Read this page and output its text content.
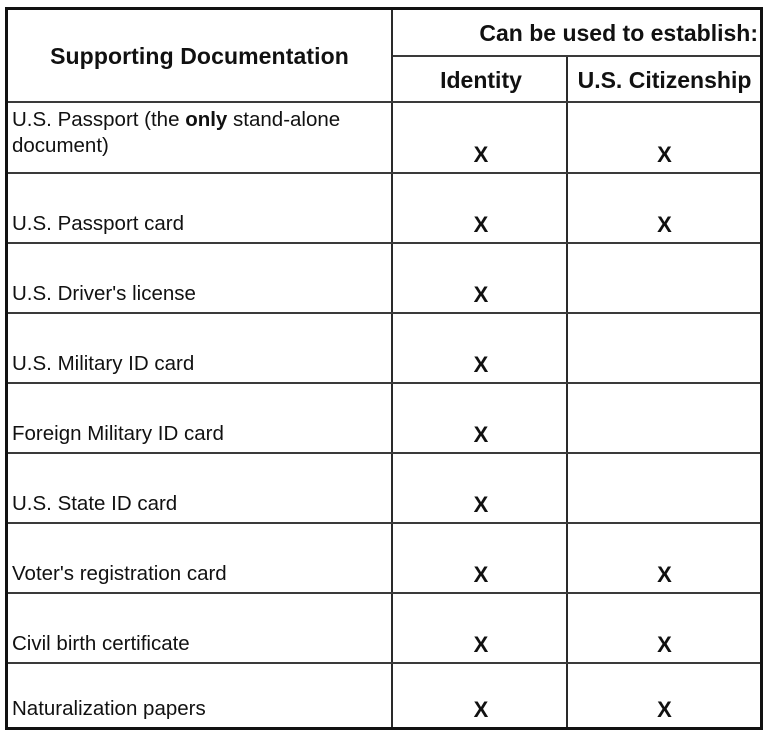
Supporting Documentation
Can be used to establish:
Identity	U.S. Citizenship
U.S. Passport (the only stand-alone document)	X	X
U.S. Passport card	X	X
U.S. Driver's license	X
U.S. Military ID card	X
Foreign Military ID card	X
U.S. State ID card	X
Voter's registration card	X	X
Civil birth certificate	X	X
Naturalization papers	X	X
